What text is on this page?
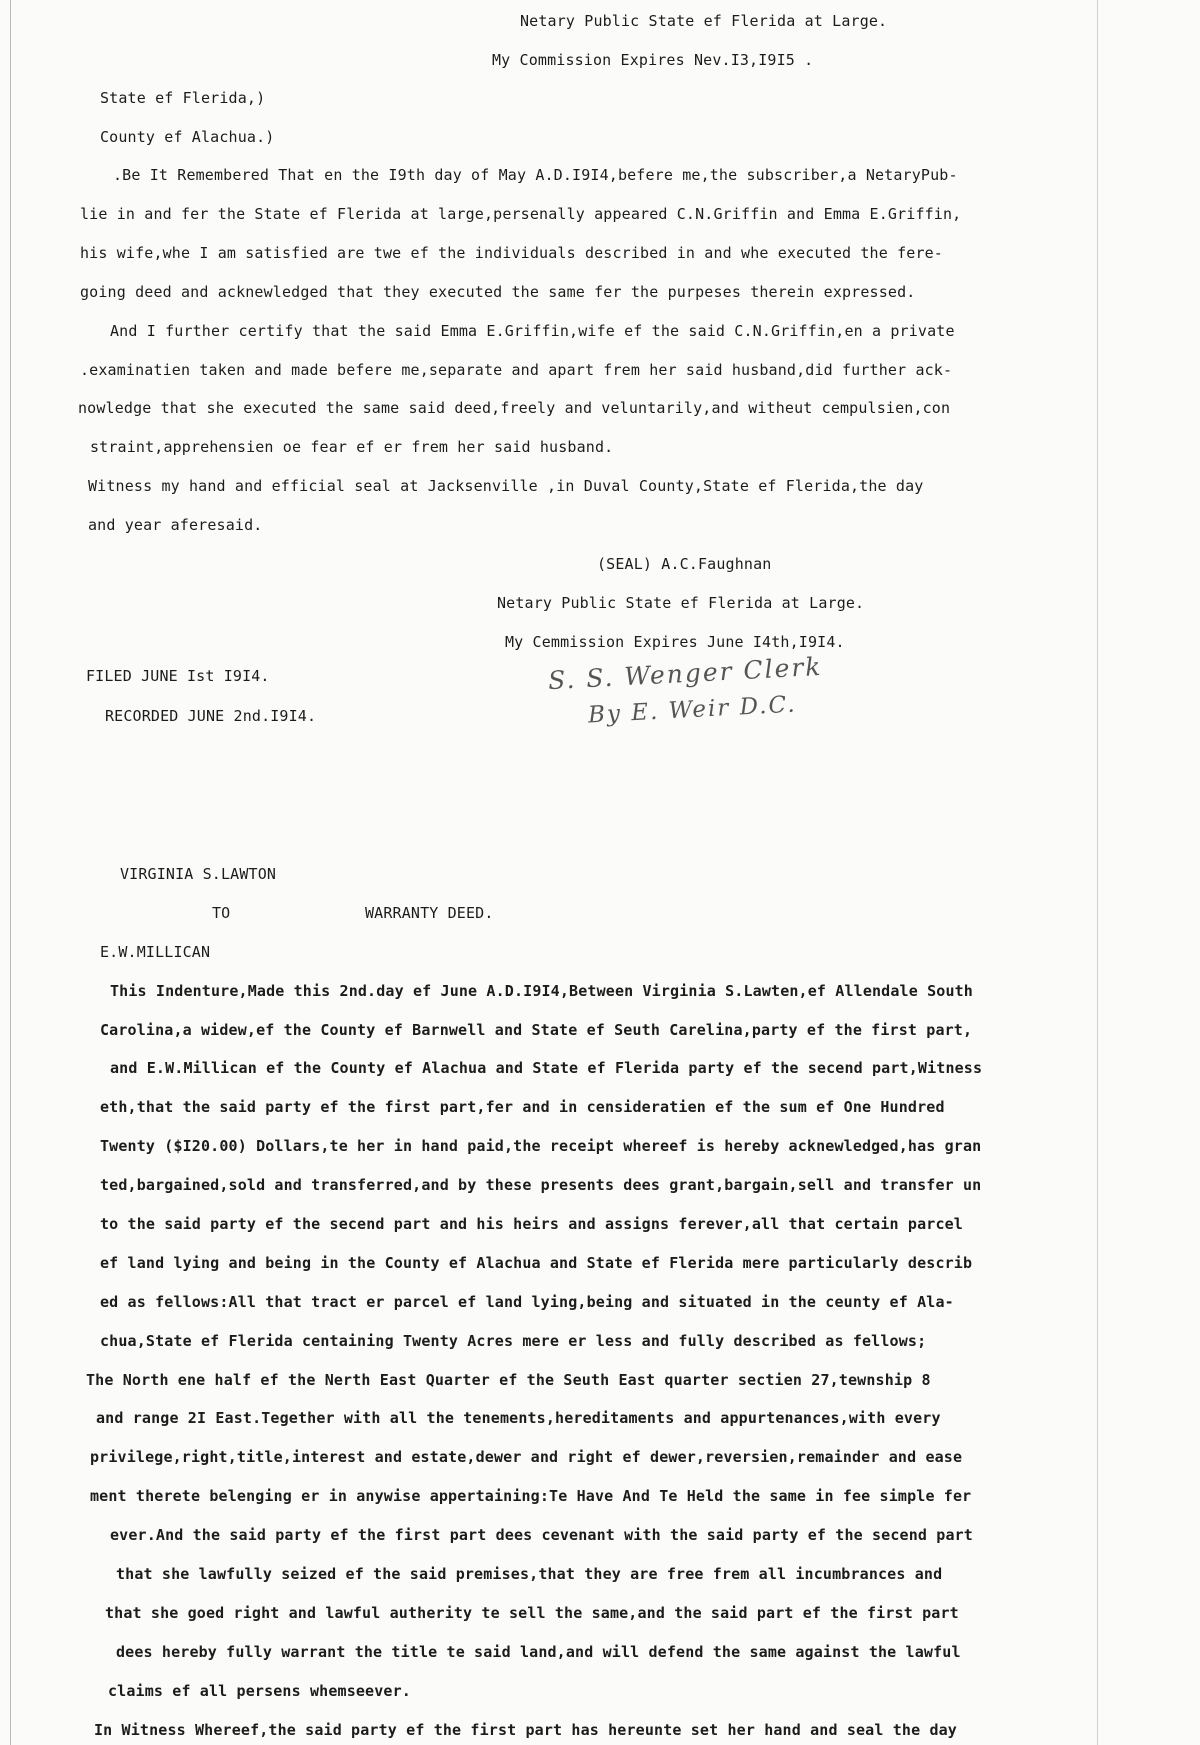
Netary Public State ef Flerida at Large.
My Commission Expires Nev.I3,I9I5 .
State ef Flerida,)
County ef Alachua.)
.Be It Remembered That en the I9th day of May A.D.I9I4,befere me,the subscriber,a NetaryPub-
lie in and fer the State ef Flerida at large,persenally appeared C.N.Griffin and Emma E.Griffin,
his wife,whe I am satisfied are twe ef the individuals described in and whe executed the fere-
going deed and acknewledged that they executed the same fer the purpeses therein expressed.
And I further certify that the said Emma E.Griffin,wife ef the said C.N.Griffin,en a private
.examinatien taken and made befere me,separate and apart frem her said husband,did further ack-
nowledge that she executed the same said deed,freely and veluntarily,and witheut cempulsien,con
straint,apprehensien oe fear ef er frem her said husband.
Witness my hand and efficial seal at Jacksenville ,in Duval County,State ef Flerida,the day
and year aferesaid.
(SEAL) A.C.Faughnan
Netary Public State ef Flerida at Large.
My Cemmission Expires June I4th,I9I4.
FILED JUNE Ist I9I4.
RECORDED JUNE 2nd.I9I4.
S. S. Wenger Clerk
By E. Weir D.C.
VIRGINIA S.LAWTON
TO	WARRANTY DEED.
E.W.MILLICAN
This Indenture,Made this 2nd.day ef June A.D.I9I4,Between Virginia S.Lawten,ef Allendale South
Carolina,a widew,ef the County ef Barnwell and State ef Seuth Carelina,party ef the first part,
and E.W.Millican ef the County ef Alachua and State ef Flerida party ef the secend part,Witness
eth,that the said party ef the first part,fer and in censideratien ef the sum ef One Hundred
Twenty ($I20.00) Dollars,te her in hand paid,the receipt whereef is hereby acknewledged,has gran
ted,bargained,sold and transferred,and by these presents dees grant,bargain,sell and transfer un
to the said party ef the secend part and his heirs and assigns ferever,all that certain parcel
ef land lying and being in the County ef Alachua and State ef Flerida mere particularly describ
ed as fellows:All that tract er parcel ef land lying,being and situated in the ceunty ef Ala-
chua,State ef Flerida centaining Twenty Acres mere er less and fully described as fellows;
The North ene half ef the Nerth East Quarter ef the Seuth East quarter sectien 27,tewnship 8
and range 2I East.Tegether with all the tenements,hereditaments and appurtenances,with every
privilege,right,title,interest and estate,dewer and right ef dewer,reversien,remainder and ease
ment therete belenging er in anywise appertaining:Te Have And Te Held the same in fee simple fer
ever.And the said party ef the first part dees cevenant with the said party ef the secend part
that she lawfully seized ef the said premises,that they are free frem all incumbrances and
that she goed right and lawful autherity te sell the same,and the said part ef the first part
dees hereby fully warrant the title te said land,and will defend the same against the lawful
claims ef all persens whemseever.
In Witness Whereef,the said party ef the first part has hereunte set her hand and seal the day
